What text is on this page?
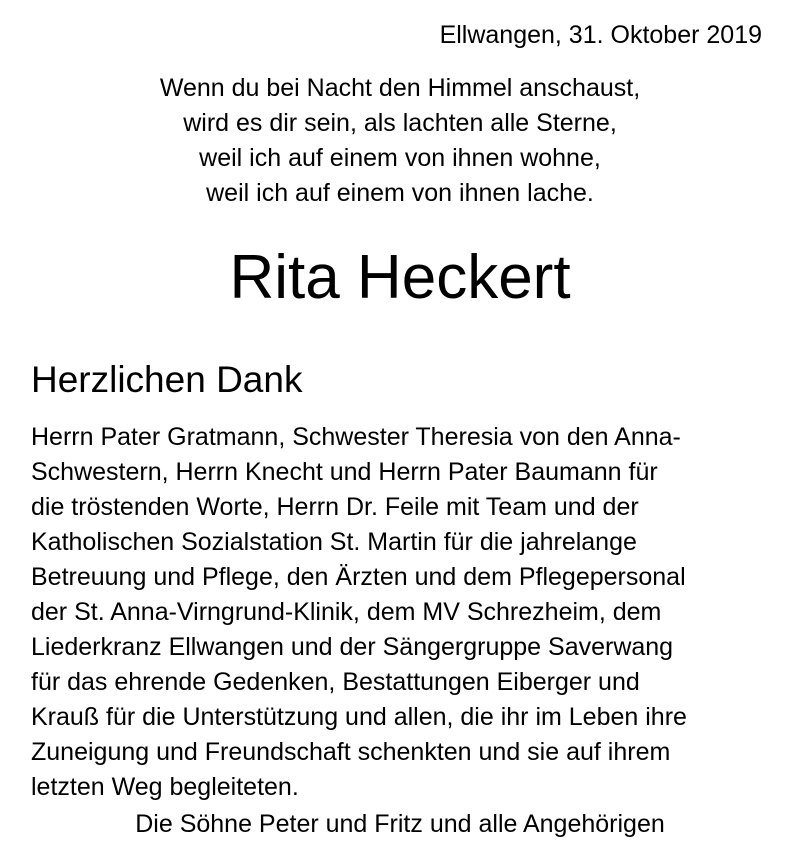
Ellwangen, 31. Oktober 2019
Wenn du bei Nacht den Himmel anschaust,
wird es dir sein, als lachten alle Sterne,
weil ich auf einem von ihnen wohne,
weil ich auf einem von ihnen lache.
Rita Heckert
Herzlichen Dank
Herrn Pater Gratmann, Schwester Theresia von den Anna-
Schwestern, Herrn Knecht und Herrn Pater Baumann für
die tröstenden Worte, Herrn Dr. Feile mit Team und der
Katholischen Sozialstation St. Martin für die jahrelange
Betreuung und Pflege, den Ärzten und dem Pflegepersonal
der St. Anna-Virngrund-Klinik, dem MV Schrezheim, dem
Liederkranz Ellwangen und der Sängergruppe Saverwang
für das ehrende Gedenken, Bestattungen Eiberger und
Krauß für die Unterstützung und allen, die ihr im Leben ihre
Zuneigung und Freundschaft schenkten und sie auf ihrem
letzten Weg begleiteten.
Die Söhne Peter und Fritz und alle Angehörigen
